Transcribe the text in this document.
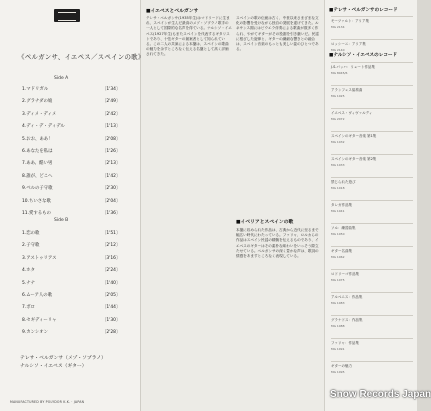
《ペルガンサ、イエペス／スペインの歌》
Side A
1.マドリガル	〔1'34〕
2.グラナダの娘	〔2'49〕
3.ディメ・ディメ	〔2'42〕
4.ディ・デ・ディデル	〔1'13〕
5.おお、ああ！	〔2'08〕
6.あなたを私は	〔1'26〕
7.ああ、酷い男	〔2'13〕
8.誰が、どこへ	〔1'42〕
9.ベルの子守歌	〔2'30〕
10.ちいさな歌	〔2'04〕
11.愛するもの	〔1'36〕
Side B
1.恋の歌	〔1'51〕
2.子守歌	〔2'12〕
3.アストゥリアス	〔3'16〕
4.ホタ	〔2'24〕
5.ナナ	〔1'40〕
6.ムーア人の歌	〔2'05〕
7.ポロ	〔1'44〕
8.セギディーリャ	〔1'30〕
9.カンシオン	〔2'28〕
テレサ・ベルガンサ（メゾ・ソプラノ）
ナルシソ・イエペス（ギター）
MANUFACTURED BY POLYDOR K.K. · JAPAN
■イエペスとベルガンサ
テレサ・ベルガンサ(1935年生)はマドリードに生まれ、スペインが生んだ最高のメゾ・ソプラノ歌手の一人として国際的な名声を得ている。ナルシソ・イエペス(1927年生)もまたスペインを代表するギタリストであり、十弦ギターの創案者として知られている。この二人の共演による本盤は、スペインの歌曲の魅力を余すところなく伝える名盤として高く評価されてきた。
■イベリアとスペインの歌
スペインの歌の伝統は古く、中世以来さまざまな文化の影響を受けながら独自の発展を遂げてきた。ルネサンス期にはビウエラ伴奏による歌曲が数多く作られ、やがてギターがその役割を引き継いだ。民謡に根ざした旋律と、ギターの繊細な響きとの融合は、スペイン音楽のもっとも美しい姿のひとつである。
本盤に収められた作品は、古典から近代に至るまで幅広い時代にわたっている。ファリャ、ロルカらの作品はスペイン民謡の精髄を伝えるものであり、イエペスのギターはその素朴な味わいをいっそう際立たせている。ベルガンサの深く豊かな声は、歌詞の情感をあますところなく表現している。
■テレサ・ベルガンサのレコード
モーツァルト：アリア集
MG 2134
ロッシーニ：アリア集
MG 2140
■ナルシソ・イエペスのレコード
J.S.バッハ：リュート作品集
MG 8045/6
アランフェス協奏曲
MG 1025
イエペス・ヴィヴァルディ
MG 2072
スペインのギター音楽 第1集
MG 1032
スペインのギター音楽 第2集
MG 1033
禁じられた遊び
MG 1018
タレガ作品集
MG 1041
ソル：練習曲集
MG 1050
ギター名曲集
MG 1062
ロドリーゴ作品集
MG 1075
アルベニス：作品集
MG 1083
グラナドス：作品集
MG 1088
ファリャ：作品集
MG 1091
ギターの魅力
MG 1095
Snow Records Japan
